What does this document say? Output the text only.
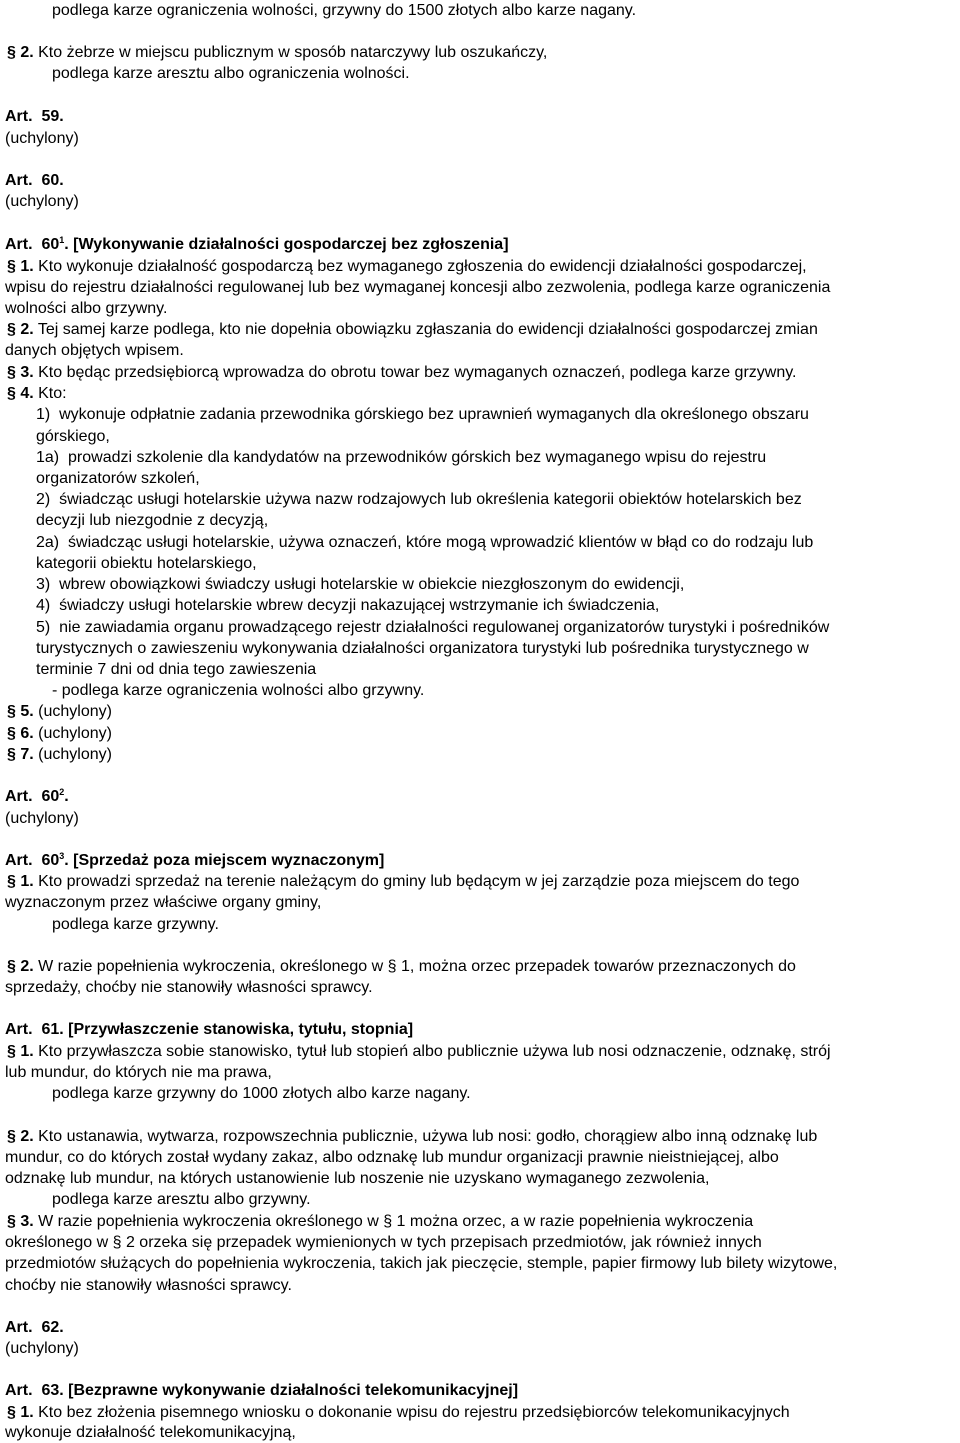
podlega karze ograniczenia wolności, grzywny do 1500 złotych albo karze nagany.
§ 2. Kto żebrze w miejscu publicznym w sposób natarczywy lub oszukańczy,
podlega karze aresztu albo ograniczenia wolności.
Art.  59.
(uchylony)
Art.  60.
(uchylony)
Art.  $60^1$. [Wykonywanie działalności gospodarczej bez zgłoszenia]
§ 1. Kto wykonuje działalność gospodarczą bez wymaganego zgłoszenia do ewidencji działalności gospodarczej,
wpisu do rejestru działalności regulowanej lub bez wymaganej koncesji albo zezwolenia, podlega karze ograniczenia
wolności albo grzywny.
§ 2. Tej samej karze podlega, kto nie dopełnia obowiązku zgłaszania do ewidencji działalności gospodarczej zmian
danych objętych wpisem.
§ 3. Kto będąc przedsiębiorcą wprowadza do obrotu towar bez wymaganych oznaczeń, podlega karze grzywny.
§ 4. Kto:
1)  wykonuje odpłatnie zadania przewodnika górskiego bez uprawnień wymaganych dla określonego obszaru
górskiego,
1a)  prowadzi szkolenie dla kandydatów na przewodników górskich bez wymaganego wpisu do rejestru
organizatorów szkoleń,
2)  świadcząc usługi hotelarskie używa nazw rodzajowych lub określenia kategorii obiektów hotelarskich bez
decyzji lub niezgodnie z decyzją,
2a)  świadcząc usługi hotelarskie, używa oznaczeń, które mogą wprowadzić klientów w błąd co do rodzaju lub
kategorii obiektu hotelarskiego,
3)  wbrew obowiązkowi świadczy usługi hotelarskie w obiekcie niezgłoszonym do ewidencji,
4)  świadczy usługi hotelarskie wbrew decyzji nakazującej wstrzymanie ich świadczenia,
5)  nie zawiadamia organu prowadzącego rejestr działalności regulowanej organizatorów turystyki i pośredników
turystycznych o zawieszeniu wykonywania działalności organizatora turystyki lub pośrednika turystycznego w
terminie 7 dni od dnia tego zawieszenia
- podlega karze ograniczenia wolności albo grzywny.
§ 5. (uchylony)
§ 6. (uchylony)
§ 7. (uchylony)
Art.  $60^2$.
(uchylony)
Art.  $60^3$. [Sprzedaż poza miejscem wyznaczonym]
§ 1. Kto prowadzi sprzedaż na terenie należącym do gminy lub będącym w jej zarządzie poza miejscem do tego
wyznaczonym przez właściwe organy gminy,
podlega karze grzywny.
§ 2. W razie popełnienia wykroczenia, określonego w § 1, można orzec przepadek towarów przeznaczonych do
sprzedaży, choćby nie stanowiły własności sprawcy.
Art.  61. [Przywłaszczenie stanowiska, tytułu, stopnia]
§ 1. Kto przywłaszcza sobie stanowisko, tytuł lub stopień albo publicznie używa lub nosi odznaczenie, odznakę, strój
lub mundur, do których nie ma prawa,
podlega karze grzywny do 1000 złotych albo karze nagany.
§ 2. Kto ustanawia, wytwarza, rozpowszechnia publicznie, używa lub nosi: godło, chorągiew albo inną odznakę lub
mundur, co do których został wydany zakaz, albo odznakę lub mundur organizacji prawnie nieistniejącej, albo
odznakę lub mundur, na których ustanowienie lub noszenie nie uzyskano wymaganego zezwolenia,
podlega karze aresztu albo grzywny.
§ 3. W razie popełnienia wykroczenia określonego w § 1 można orzec, a w razie popełnienia wykroczenia
określonego w § 2 orzeka się przepadek wymienionych w tych przepisach przedmiotów, jak również innych
przedmiotów służących do popełnienia wykroczenia, takich jak pieczęcie, stemple, papier firmowy lub bilety wizytowe,
choćby nie stanowiły własności sprawcy.
Art.  62.
(uchylony)
Art.  63. [Bezprawne wykonywanie działalności telekomunikacyjnej]
§ 1. Kto bez złożenia pisemnego wniosku o dokonanie wpisu do rejestru przedsiębiorców telekomunikacyjnych
wykonuje działalność telekomunikacyjną,
